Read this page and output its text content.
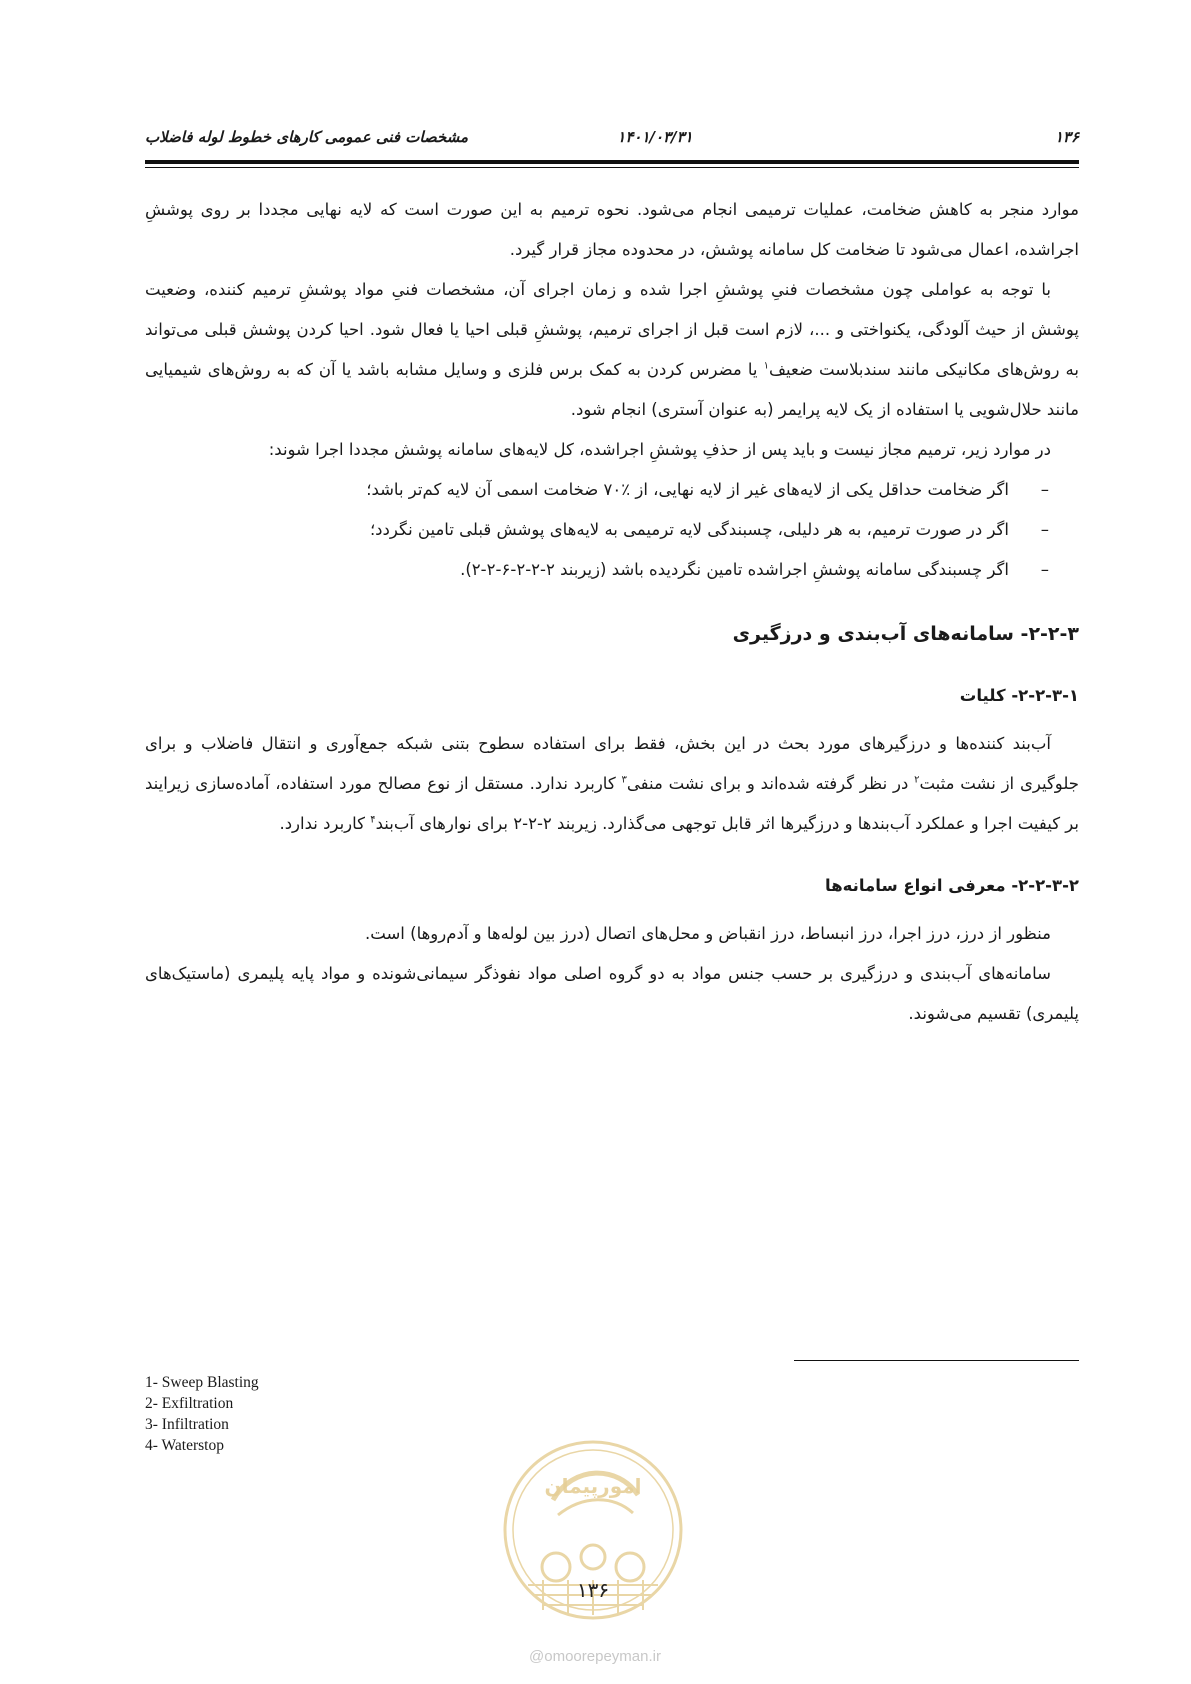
۱۳۶
۱۴۰۱/۰۳/۳۱
مشخصات فنی عمومی کارهای خطوط لوله فاضلاب

موارد منجر به کاهش ضخامت، عملیات ترمیمی انجام می‌شود. نحوه ترمیم به این صورت است که لایه نهایی مجددا بر روی پوششِ اجراشده، اعمال می‌شود تا ضخامت کل سامانه پوشش، در محدوده مجاز قرار گیرد.

با توجه به عواملی چون مشخصات فنیِ پوششِ اجرا شده و زمان اجرای آن، مشخصات فنیِ مواد پوششِ ترمیم کننده، وضعیت پوشش از حیث آلودگی، یکنواختی و ...، لازم است قبل از اجرای ترمیم، پوششِ قبلی احیا یا فعال شود. احیا کردن پوشش قبلی می‌تواند به روش‌های مکانیکی مانند سندبلاست ضعیف$^۱$ یا مضرس کردن به کمک برس فلزی و وسایل مشابه باشد یا آن که به روش‌های شیمیایی مانند حلال‌شویی یا استفاده از یک لایه پرایمر (به عنوان آستری) انجام شود.

در موارد زیر، ترمیم مجاز نیست و باید پس از حذفِ پوششِ اجراشده، کل لایه‌های سامانه پوشش مجددا اجرا شوند:

–
اگر ضخامت حداقل یکی از لایه‌های غیر از لایه نهایی، از ٪۷۰ ضخامت اسمی آن لایه کم‌تر باشد؛
–
اگر در صورت ترمیم، به هر دلیلی، چسبندگی لایه ترمیمی به لایه‌های پوشش قبلی تامین نگردد؛
–
اگر چسبندگی سامانه پوششِ اجراشده تامین نگردیده باشد (زیربند ۲-۲-۲-۶-۲-۲).
۲-۲-۳- سامانه‌های آب‌بندی و درزگیری
۲-۲-۳-۱- کلیات

آب‌بند کننده‌ها و درزگیرهای مورد بحث در این بخش، فقط برای استفاده سطوح بتنی شبکه جمع‌آوری و انتقال فاضلاب و برای جلوگیری از نشت مثبت$^۲$ در نظر گرفته شده‌اند و برای نشت منفی$^۳$ کاربرد ندارد. مستقل از نوع مصالح مورد استفاده، آماده‌سازی زیرایند بر کیفیت اجرا و عملکرد آب‌بندها و درزگیرها اثر قابل توجهی می‌گذارد. زیربند ۲-۲-۲ برای نوارهای آب‌بند$^۴$ کاربرد ندارد.

۲-۲-۳-۲- معرفی انواع سامانه‌ها

منظور از درز، درز اجرا، درز انبساط، درز انقباض و محل‌های اتصال (درز بین لوله‌ها و آدم‌روها) است.

سامانه‌های آب‌بندی و درزگیری بر حسب جنس مواد به دو گروه اصلی مواد نفوذگر سیمانی‌شونده و مواد پایه پلیمری (ماستیک‌های پلیمری) تقسیم می‌شوند.

1- Sweep Blasting
2- Exfiltration
3- Infiltration
4- Waterstop
امورپیمان
۱۳۶
@omoorepeyman.ir
